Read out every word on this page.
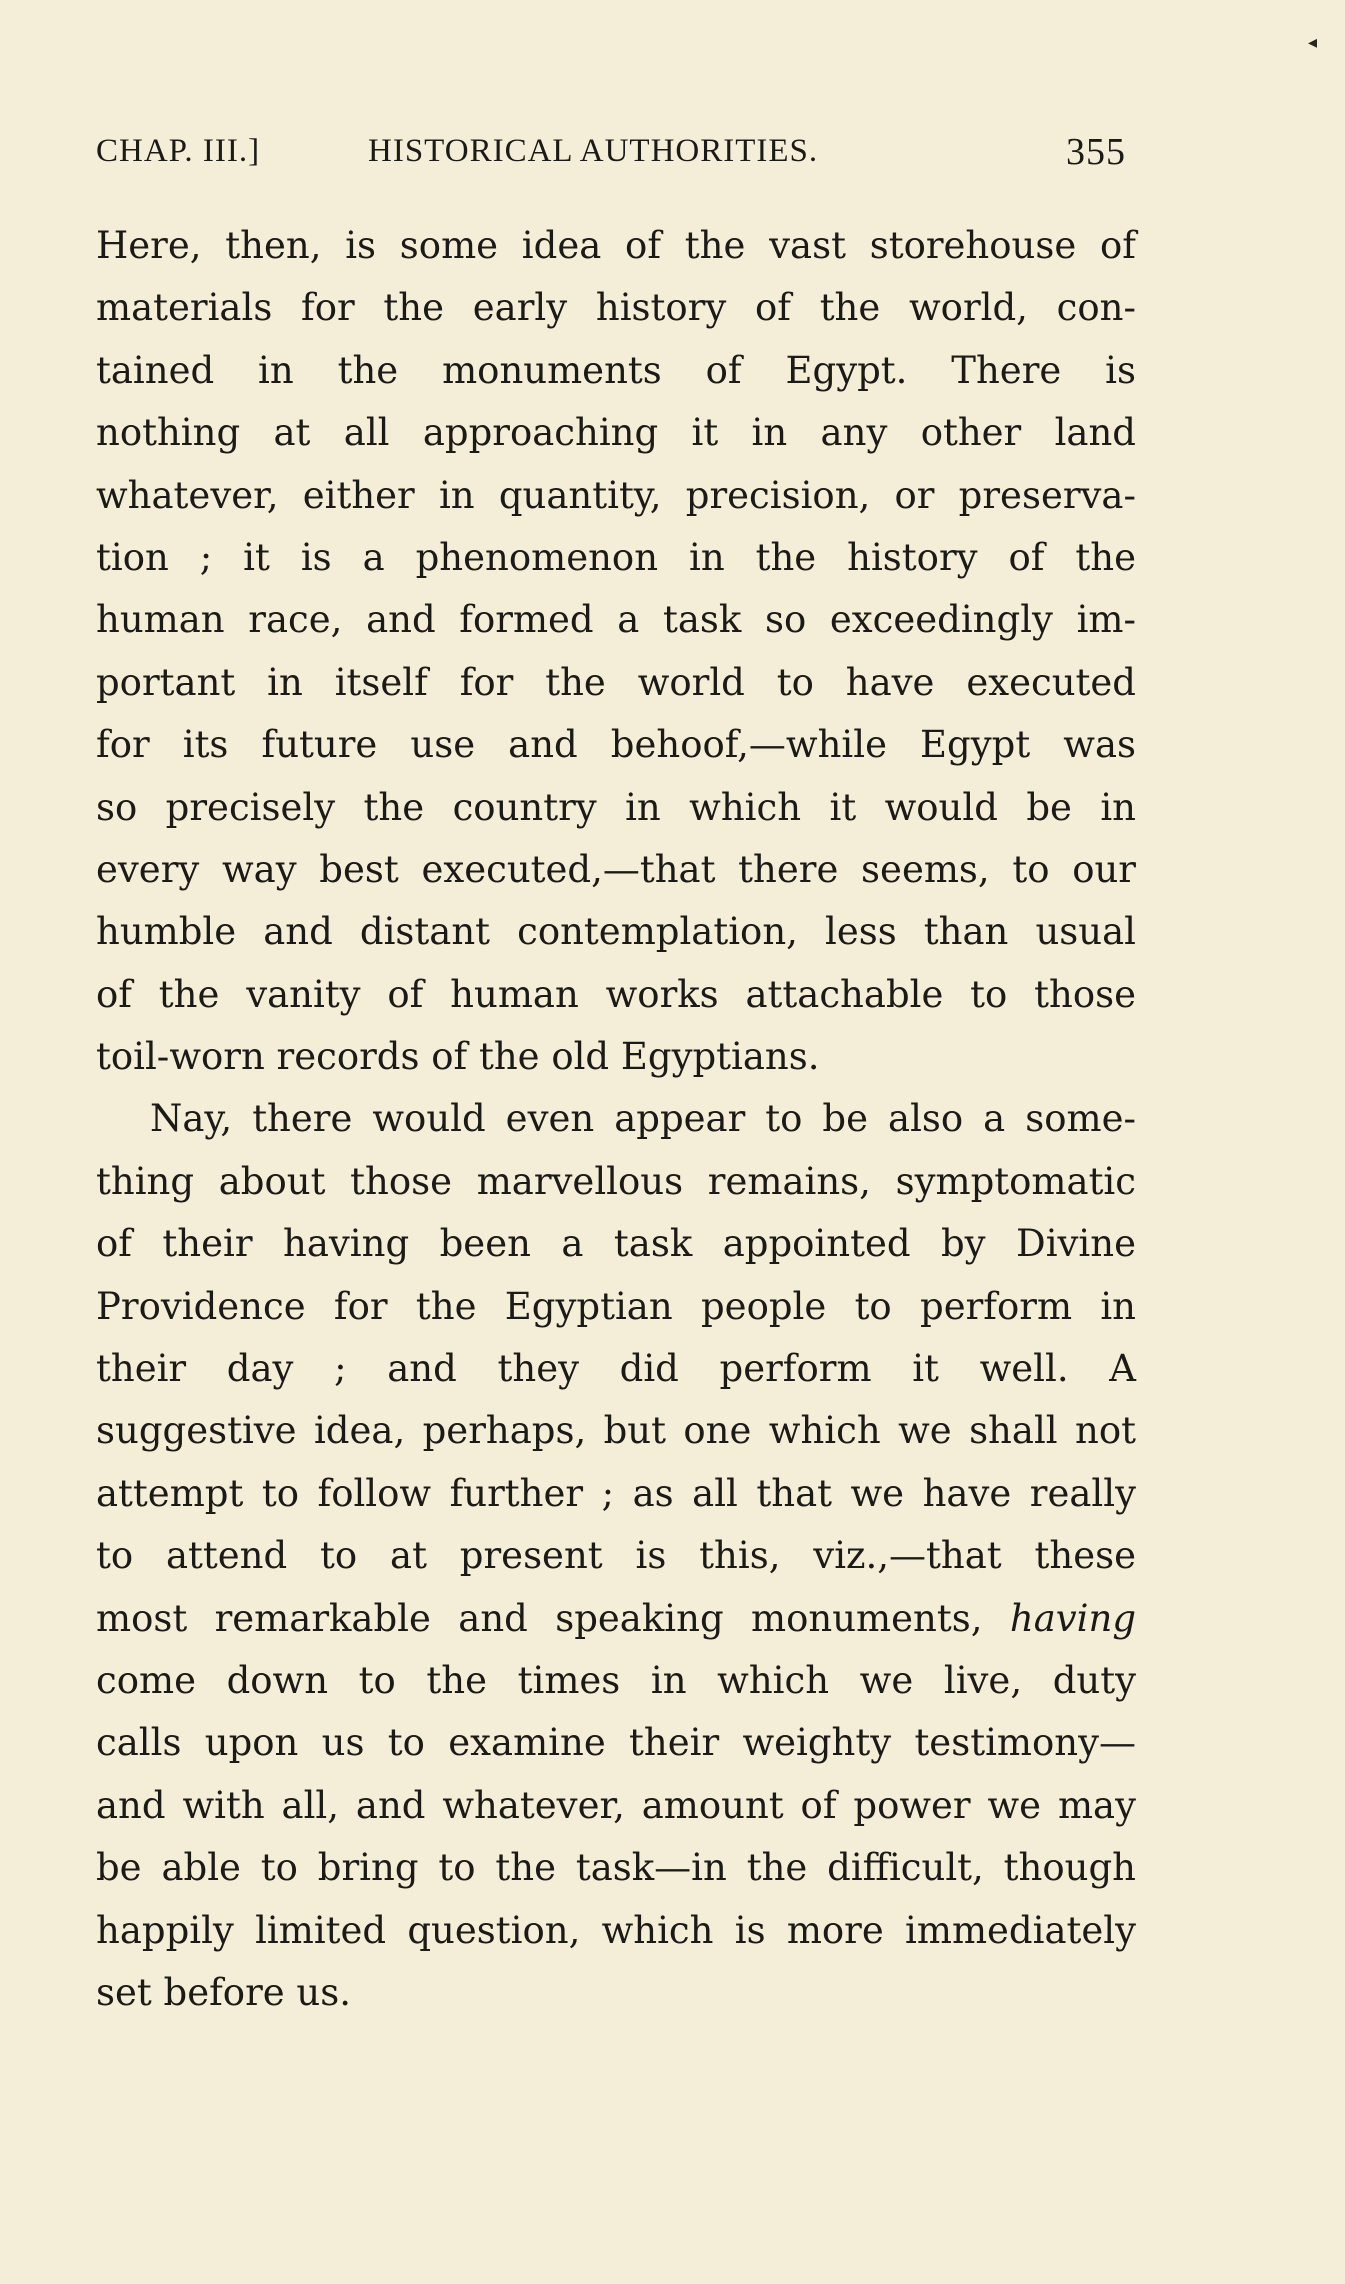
◂
CHAP. III.]	HISTORICAL AUTHORITIES.	355
Here, then, is some idea of the vast storehouse of
materials for the early history of the world, con-
tained in the monuments of Egypt. There is
nothing at all approaching it in any other land
whatever, either in quantity, precision, or preserva-
tion ; it is a phenomenon in the history of the
human race, and formed a task so exceedingly im-
portant in itself for the world to have executed
for its future use and behoof,—while Egypt was
so precisely the country in which it would be in
every way best executed,—that there seems, to our
humble and distant contemplation, less than usual
of the vanity of human works attachable to those
toil-worn records of the old Egyptians.
Nay, there would even appear to be also a some-
thing about those marvellous remains, symptomatic
of their having been a task appointed by Divine
Providence for the Egyptian people to perform in
their day ; and they did perform it well. A
suggestive idea, perhaps, but one which we shall not
attempt to follow further ; as all that we have really
to attend to at present is this, viz.,—that these
most remarkable and speaking monuments, having
come down to the times in which we live, duty
calls upon us to examine their weighty testimony—
and with all, and whatever, amount of power we may
be able to bring to the task—in the difficult, though
happily limited question, which is more immediately
set before us.
